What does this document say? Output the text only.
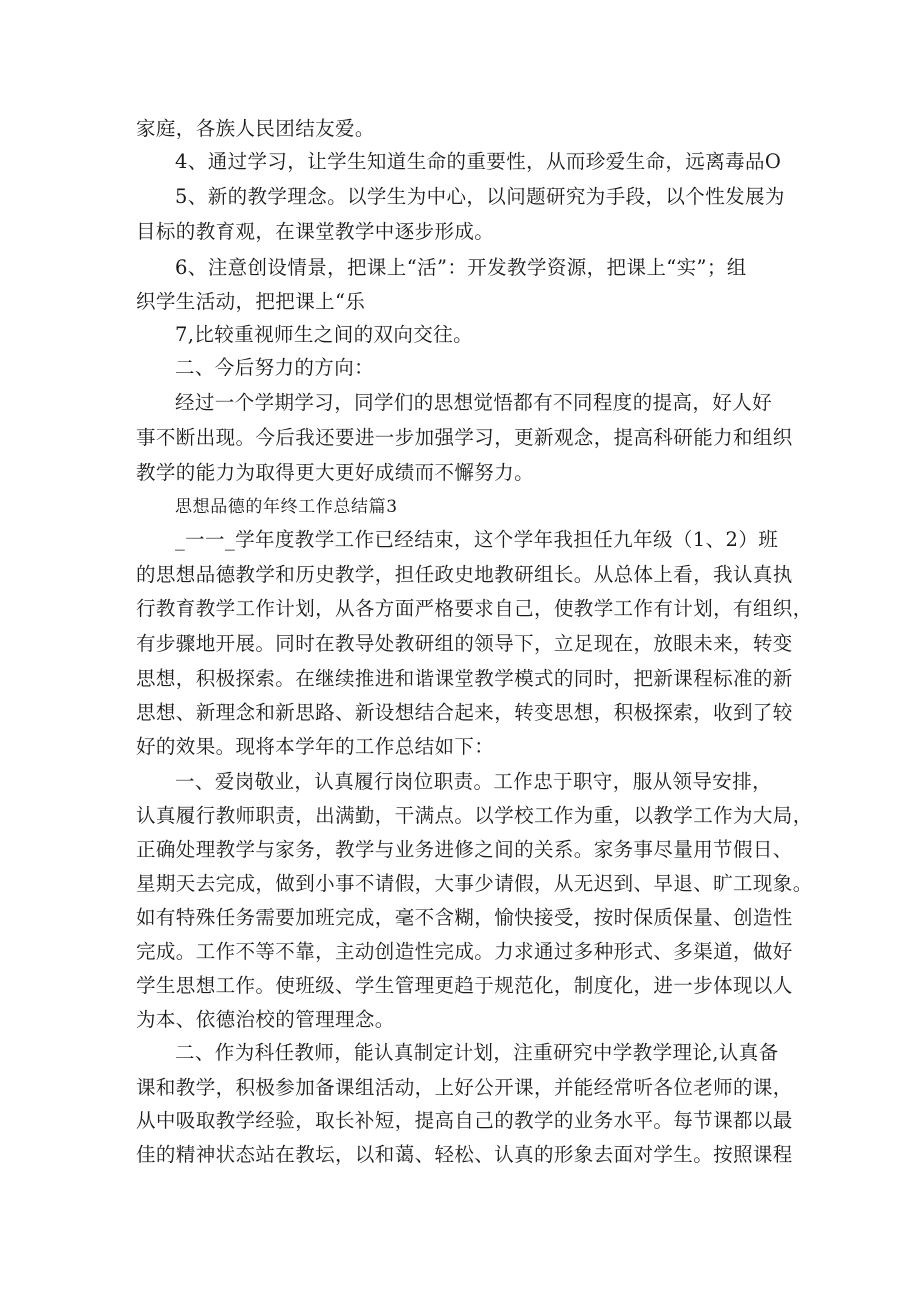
家庭，各族人民团结友爱。
4、通过学习，让学生知道生命的重要性，从而珍爱生命，远离毒品O
5、新的教学理念。以学生为中心，以问题研究为手段，以个性发展为
目标的教育观，在课堂教学中逐步形成。
6、注意创设情景，把课上“活”：开发教学资源，把课上“实”；组
织学生活动，把把课上“乐
7,比较重视师生之间的双向交往。
二、今后努力的方向：
经过一个学期学习，同学们的思想觉悟都有不同程度的提高，好人好
事不断出现。今后我还要进一步加强学习，更新观念，提高科研能力和组织
教学的能力为取得更大更好成绩而不懈努力。
思想品德的年终工作总结篇3
_一一_学年度教学工作已经结束，这个学年我担任九年级（1、2）班
的思想品德教学和历史教学，担任政史地教研组长。从总体上看，我认真执
行教育教学工作计划，从各方面严格要求自己，使教学工作有计划，有组织，
有步骤地开展。同时在教导处教研组的领导下，立足现在，放眼未来，转变
思想，积极探索。在继续推进和谐课堂教学模式的同时，把新课程标准的新
思想、新理念和新思路、新设想结合起来，转变思想，积极探索，收到了较
好的效果。现将本学年的工作总结如下：
一、爱岗敬业，认真履行岗位职责。工作忠于职守，服从领导安排，
认真履行教师职责，出满勤，干满点。以学校工作为重，以教学工作为大局，
正确处理教学与家务，教学与业务进修之间的关系。家务事尽量用节假日、
星期天去完成，做到小事不请假，大事少请假，从无迟到、早退、旷工现象。
如有特殊任务需要加班完成，毫不含糊，愉快接受，按时保质保量、创造性
完成。工作不等不靠，主动创造性完成。力求通过多种形式、多渠道，做好
学生思想工作。使班级、学生管理更趋于规范化，制度化，进一步体现以人
为本、依德治校的管理理念。
二、作为科任教师，能认真制定计划，注重研究中学教学理论,认真备
课和教学，积极参加备课组活动，上好公开课，并能经常听各位老师的课，
从中吸取教学经验，取长补短，提高自己的教学的业务水平。每节课都以最
佳的精神状态站在教坛，以和蔼、轻松、认真的形象去面对学生。按照课程
